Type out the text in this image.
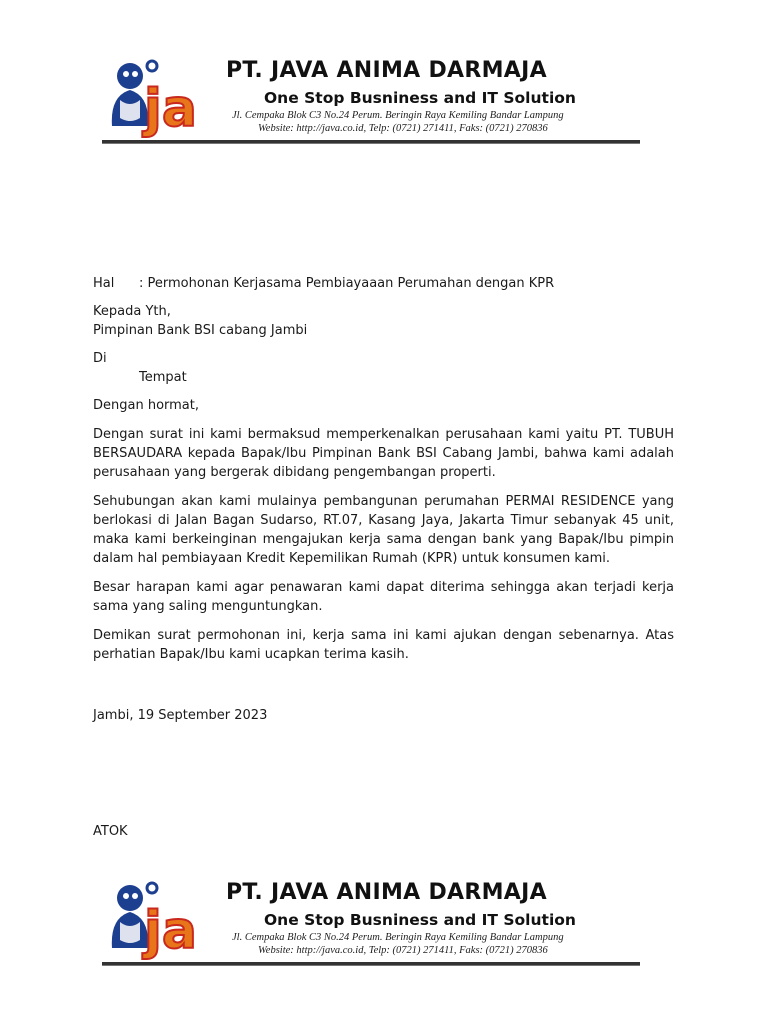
ja
PT. JAVA ANIMA DARMAJA
One Stop Busniness and IT Solution
Jl. Cempaka Blok C3 No.24 Perum. Beringin Raya Kemiling Bandar Lampung
Website: http://java.co.id, Telp: (0721) 271411, Faks: (0721) 270836

Hal : Permohonan Kerjasama Pembiayaaan Perumahan dengan KPR

Kepada Yth,

Pimpinan Bank BSI cabang Jambi

Di

Tempat

Dengan hormat,

Dengan surat ini kami bermaksud memperkenalkan perusahaan kami yaitu PT. TUBUH BERSAUDARA kepada Bapak/Ibu Pimpinan Bank BSI Cabang Jambi, bahwa kami adalah perusahaan yang bergerak dibidang pengembangan properti.

Sehubungan akan kami mulainya pembangunan perumahan PERMAI RESIDENCE yang berlokasi di Jalan Bagan Sudarso, RT.07, Kasang Jaya, Jakarta Timur sebanyak 45 unit, maka kami berkeinginan mengajukan kerja sama dengan bank yang Bapak/Ibu pimpin dalam hal pembiayaan Kredit Kepemilikan Rumah (KPR) untuk konsumen kami.

Besar harapan kami agar penawaran kami dapat diterima sehingga akan terjadi kerja sama yang saling menguntungkan.

Demikan surat permohonan ini, kerja sama ini kami ajukan dengan sebenarnya. Atas perhatian Bapak/Ibu kami ucapkan terima kasih.

Jambi, 19 September 2023
ATOK
ja
PT. JAVA ANIMA DARMAJA
One Stop Busniness and IT Solution
Jl. Cempaka Blok C3 No.24 Perum. Beringin Raya Kemiling Bandar Lampung
Website: http://java.co.id, Telp: (0721) 271411, Faks: (0721) 270836
